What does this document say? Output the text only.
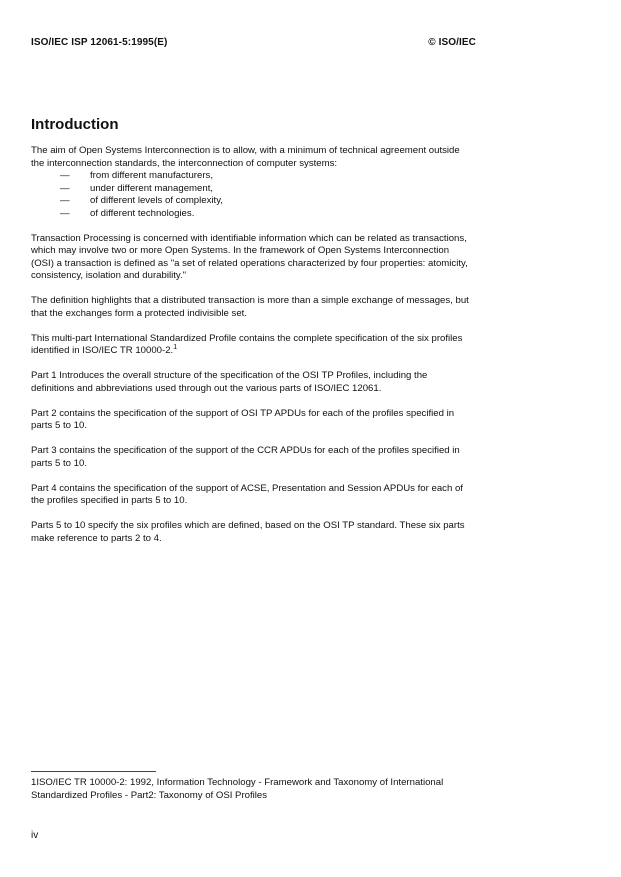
ISO/IEC ISP 12061-5:1995(E)	© ISO/IEC
Introduction

The aim of Open Systems Interconnection is to allow, with a minimum of technical agreement outside the interconnection standards, the interconnection of computer systems:

—	from different manufacturers,
—	under different management,
—	of different levels of complexity,
—	of different technologies.

Transaction Processing is concerned with identifiable information which can be related as transactions, which may involve two or more Open Systems. In the framework of Open Systems Interconnection (OSI) a transaction is defined as "a set of related operations characterized by four properties: atomicity, consistency, isolation and durability."

The definition highlights that a distributed transaction is more than a simple exchange of messages, but that the exchanges form a protected indivisible set.

This multi-part International Standardized Profile contains the complete specification of the six profiles identified in ISO/IEC TR 10000-2.$^1$

Part 1 Introduces the overall structure of the specification of the OSI TP Profiles, including the definitions and abbreviations used through out the various parts of ISO/IEC 12061.

Part 2 contains the specification of the support of OSI TP APDUs for each of the profiles specified in parts 5 to 10.

Part 3 contains the specification of the support of the CCR APDUs for each of the profiles specified in parts 5 to 10.

Part 4 contains the specification of the support of ACSE, Presentation and Session APDUs for each of the profiles specified in parts 5 to 10.

Parts 5 to 10 specify the six profiles which are defined, based on the OSI TP standard. These six parts make reference to parts 2 to 4.

1ISO/IEC TR 10000-2: 1992, Information Technology - Framework and Taxonomy of International Standardized Profiles - Part2: Taxonomy of OSI Profiles
iv
